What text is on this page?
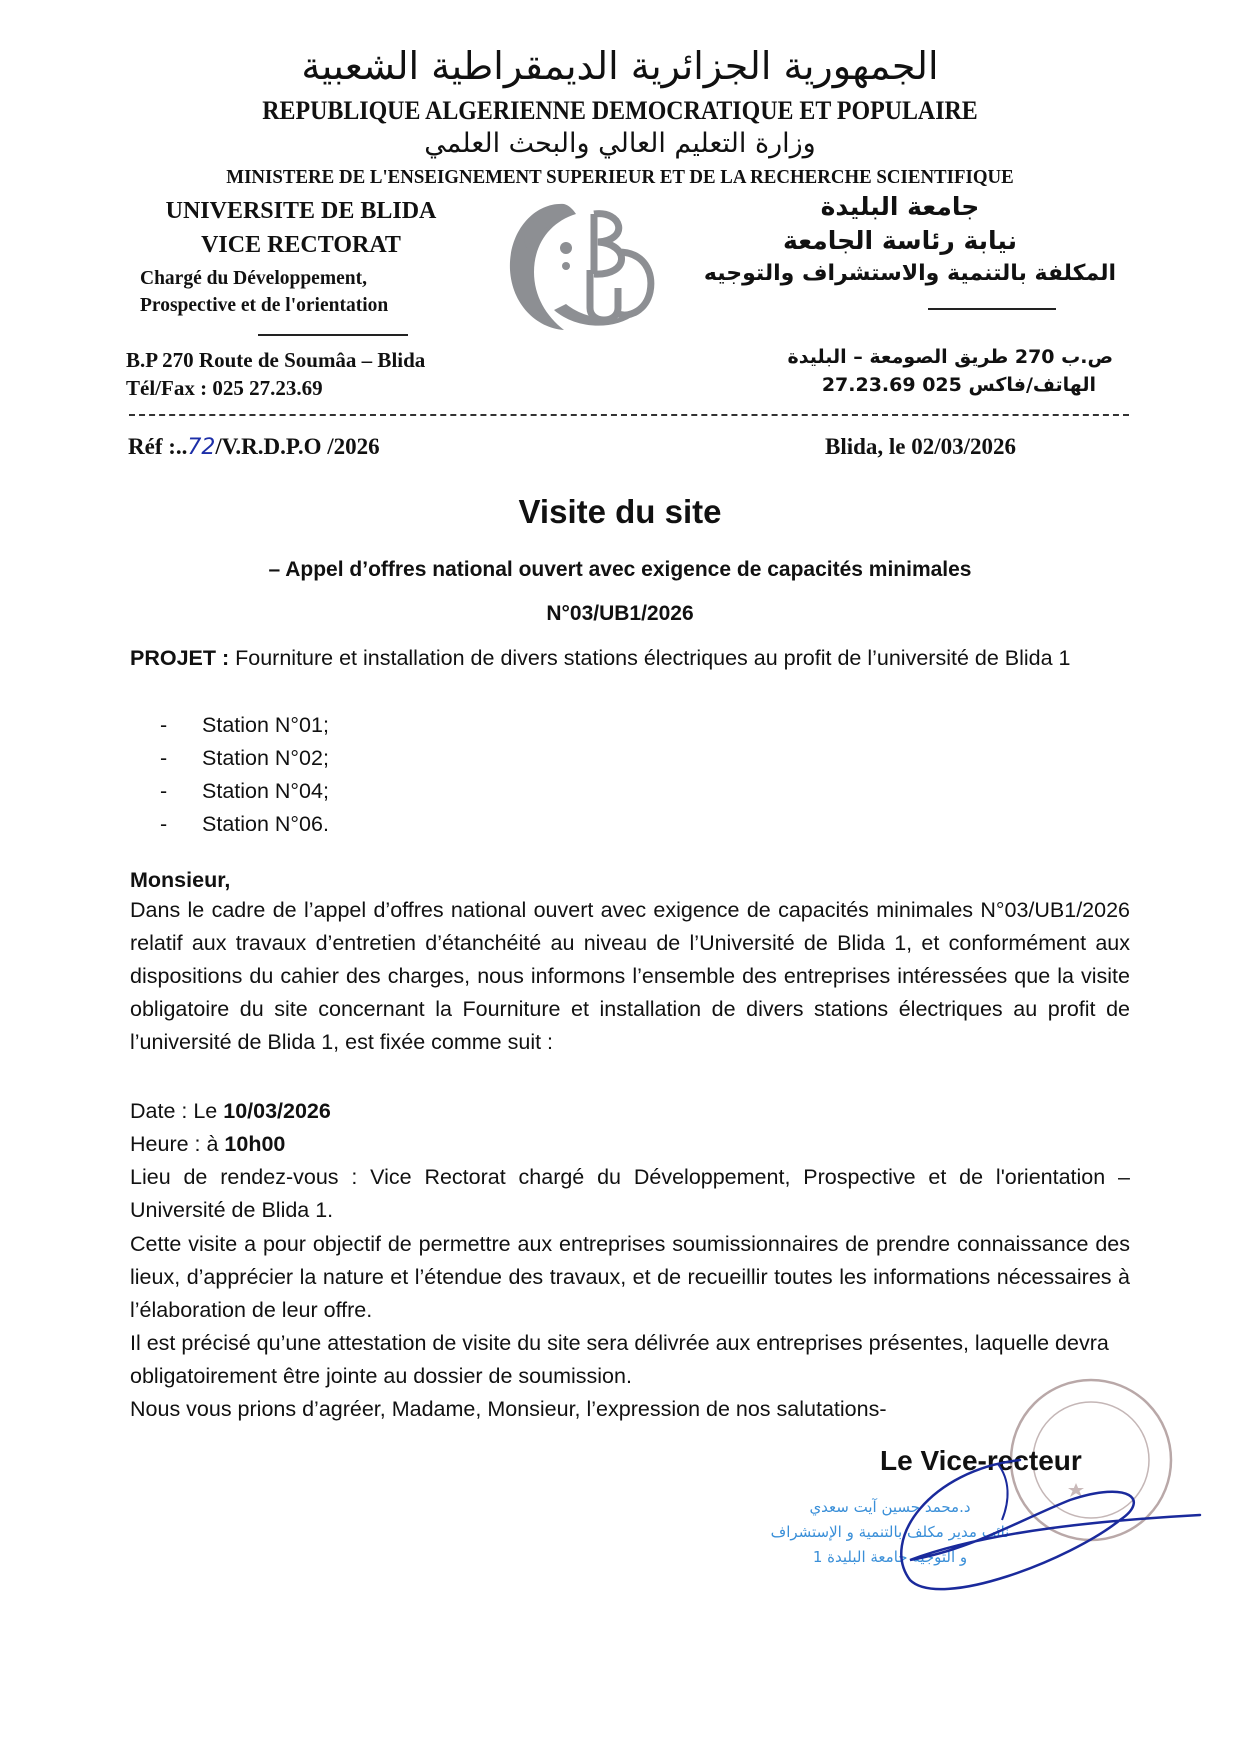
الجمهورية الجزائرية الديمقراطية الشعبية
REPUBLIQUE ALGERIENNE DEMOCRATIQUE ET POPULAIRE
وزارة التعليم العالي والبحث العلمي
MINISTERE DE L'ENSEIGNEMENT SUPERIEUR ET DE LA RECHERCHE SCIENTIFIQUE
UNIVERSITE DE BLIDA
VICE RECTORAT
Chargé du Développement,
Prospective et de l'orientation
جامعة البليدة
نيابة رئاسة الجامعة
المكلفة بالتنمية والاستشراف والتوجيه
B.P 270 Route de Soumâa – Blida
Tél/Fax : 025 27.23.69
ص.ب 270 طريق الصومعة – البليدة
الهاتف/فاكس 025 27.23.69
Réf :..72/V.R.D.P.O /2026	Blida, le 02/03/2026
Visite du site
– Appel d’offres national ouvert avec exigence de capacités minimales
N°03/UB1/2026
PROJET : Fourniture et installation de divers stations électriques au profit de l’université de Blida 1
-	Station N°01;
-	Station N°02;
-	Station N°04;
-	Station N°06.
Monsieur,
Dans le cadre de l’appel d’offres national ouvert avec exigence de capacités minimales N°03/UB1/2026 relatif aux travaux d’entretien d’étanchéité au niveau de l’Université de Blida 1, et conformément aux dispositions du cahier des charges, nous informons l’ensemble des entreprises intéressées que la visite obligatoire du site concernant la Fourniture et installation de divers stations électriques au profit de l’université de Blida 1, est fixée comme suit :
Date : Le 10/03/2026
Heure : à 10h00
Lieu de rendez-vous : Vice Rectorat chargé du Développement, Prospective et de l'orientation – Université de Blida 1.
Cette visite a pour objectif de permettre aux entreprises soumissionnaires de prendre connaissance des lieux, d’apprécier la nature et l’étendue des travaux, et de recueillir toutes les informations nécessaires à l’élaboration de leur offre.
Il est précisé qu’une attestation de visite du site sera délivrée aux entreprises présentes, laquelle devra obligatoirement être jointe au dossier de soumission.
Nous vous prions d’agréer, Madame, Monsieur, l’expression de nos salutations-
Le Vice-recteur
د.محمد حسين آيت سعدي
نائب مدير مكلف بالتنمية و الإستشراف
و التوجيه جامعة البليدة 1
